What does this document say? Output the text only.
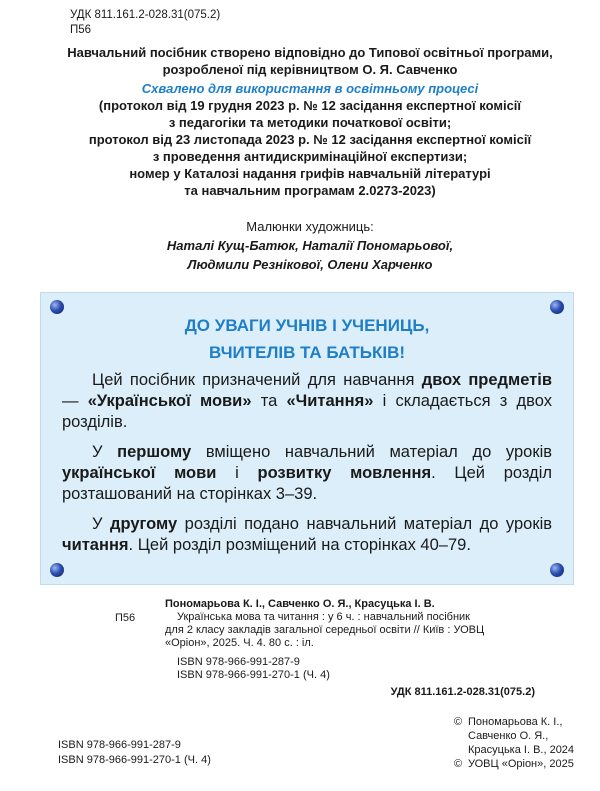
УДК 811.161.2-028.31(075.2)
П56
Навчальний посібник створено відповідно до Типової освітньої програми,
розробленої під керівництвом О. Я. Савченко
Схвалено для використання в освітньому процесі
(протокол від 19 грудня 2023 р. № 12 засідання експертної комісії
з педагогіки та методики початкової освіти;
протокол від 23 листопада 2023 р. № 12 засідання експертної комісії
з проведення антидискримінаційної експертизи;
номер у Каталозі надання грифів навчальній літературі
та навчальним програмам 2.0273-2023)
Малюнки художниць:
Наталі Кущ-Батюк, Наталії Пономарьової,
Людмили Резнікової, Олени Харченко
ДО УВАГИ УЧНІВ І УЧЕНИЦЬ,
ВЧИТЕЛІВ ТА БАТЬКІВ!

Цей посібник призначений для навчання двох предметів — «Української мови» та «Читання» і складається з двох розділів.

У першому вміщено навчальний матеріал до уроків української мови і розвитку мовлення. Цей розділ розташований на сторінках 3–39.

У другому розділі подано навчальний матеріал до уроків читання. Цей розділ розміщений на сторінках 40–79.

Пономарьова К. І., Савченко О. Я., Красуцька І. В.
П56	Українська мова та читання : у 6 ч. : навчальний посібник
для 2 класу закладів загальної середньої освіти // Київ : УОВЦ
«Оріон», 2025. Ч. 4. 80 с. : іл.
ISBN 978-966-991-287-9
ISBN 978-966-991-270-1 (Ч. 4)
УДК 811.161.2-028.31(075.2)
ISBN 978-966-991-287-9
ISBN 978-966-991-270-1 (Ч. 4)
© Пономарьова К. І.,
Савченко О. Я.,
Красуцька І. В., 2024
© УОВЦ «Оріон», 2025
